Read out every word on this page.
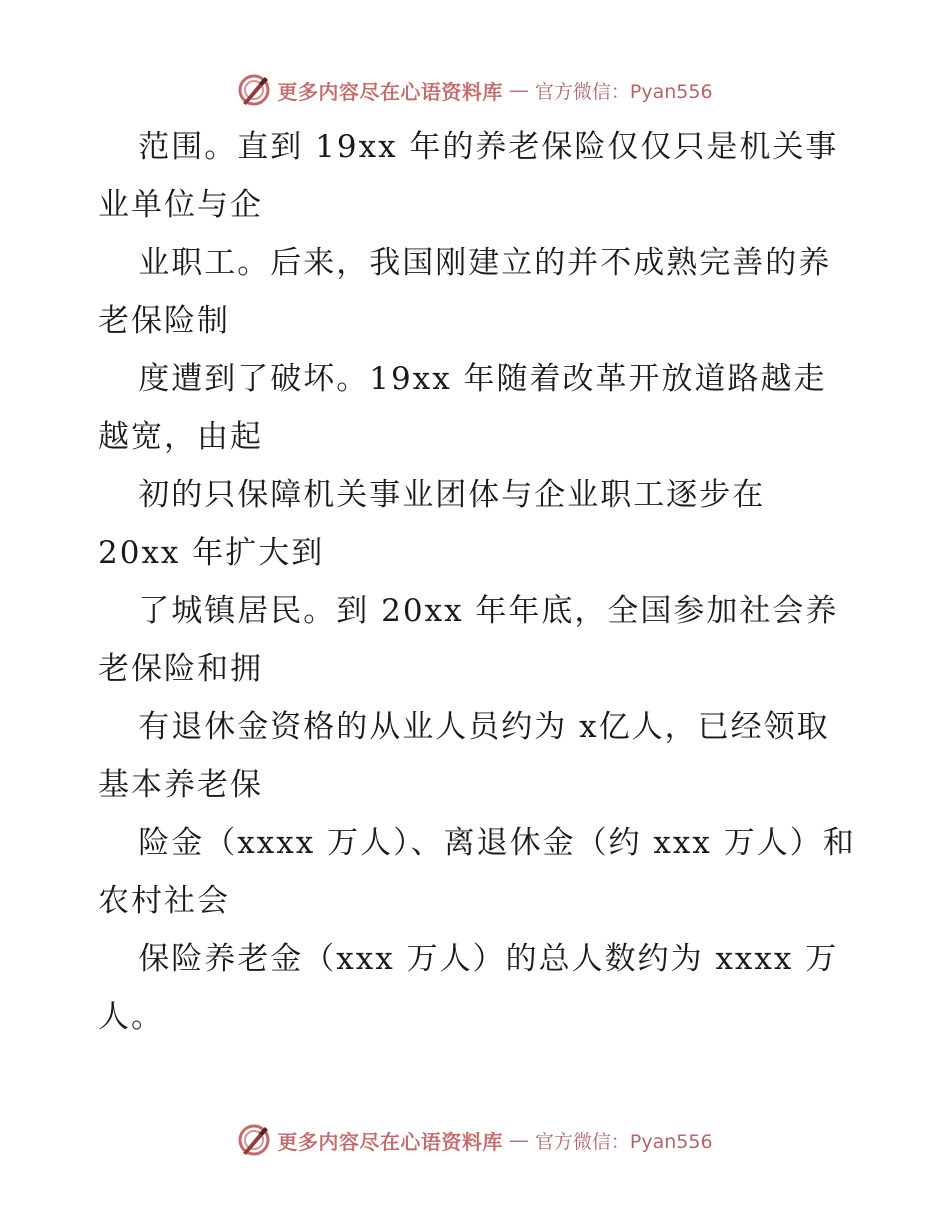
更多内容尽在心语资料库 — 官方微信：Pyan556

范围。直到 19xx 年的养老保险仅仅只是机关事业单位与企

业职工。后来，我国刚建立的并不成熟完善的养老保险制

度遭到了破坏。19xx 年随着改革开放道路越走越宽，由起

初的只保障机关事业团体与企业职工逐步在 20xx 年扩大到

了城镇居民。到 20xx 年年底，全国参加社会养老保险和拥

有退休金资格的从业人员约为 x亿人，已经领取基本养老保

险金（xxxx 万人）、离退休金（约 xxx 万人）和农村社会

保险养老金（xxx 万人）的总人数约为 xxxx 万人。

更多内容尽在心语资料库 — 官方微信：Pyan556
